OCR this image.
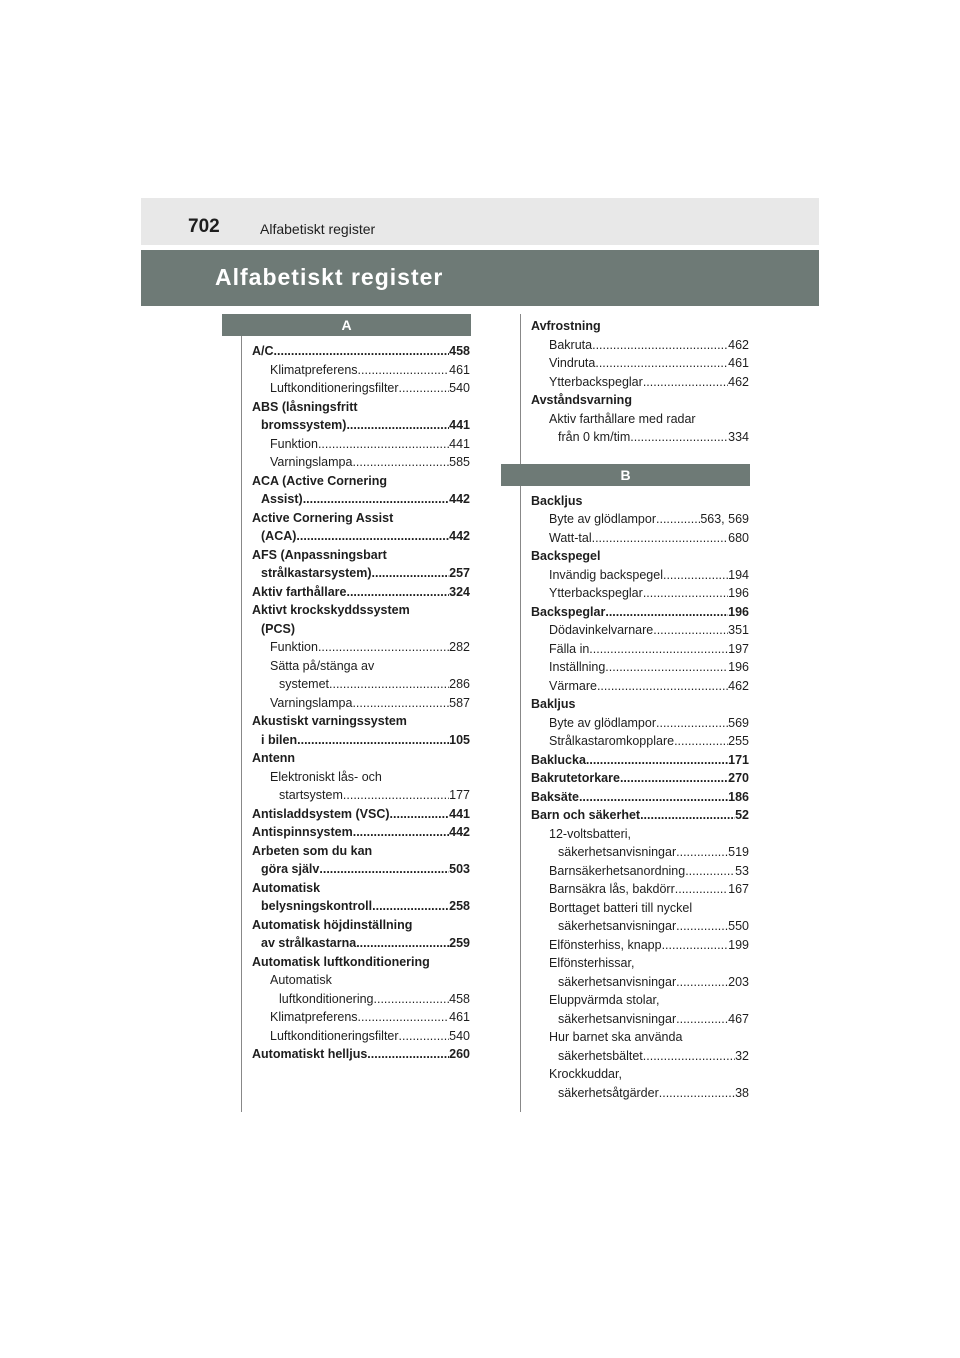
702	Alfabetiskt register
Alfabetiskt register
A
A/C .....	458
Klimatpreferens .....	461
Luftkonditioneringsfilter .....	540
ABS (låsningsfritt
bromssystem) .....	441
Funktion .....	441
Varningslampa .....	585
ACA (Active Cornering
Assist) .....	442
Active Cornering Assist
(ACA) .....	442
AFS (Anpassningsbart
strålkastarsystem) .....	257
Aktiv farthållare .....	324
Aktivt krockskyddssystem
(PCS)
Funktion .....	282
Sätta på/stänga av
systemet .....	286
Varningslampa .....	587
Akustiskt varningssystem
i bilen .....	105
Antenn
Elektroniskt lås- och
startsystem .....	177
Antisladdsystem (VSC) .....	441
Antispinnsystem .....	442
Arbeten som du kan
göra själv .....	503
Automatisk
belysningskontroll .....	258
Automatisk höjdinställning
av strålkastarna .....	259
Automatisk luftkonditionering
Automatisk
luftkonditionering .....	458
Klimatpreferens .....	461
Luftkonditioneringsfilter .....	540
Automatiskt helljus .....	260
Avfrostning
Bakruta .....	462
Vindruta .....	461
Ytterbackspeglar .....	462
Avståndsvarning
Aktiv farthållare med radar
från 0 km/tim .....	334
B
Backljus
Byte av glödlampor .....	563, 569
Watt-tal .....	680
Backspegel
Invändig backspegel .....	194
Ytterbackspeglar .....	196
Backspeglar .....	196
Dödavinkelvarnare .....	351
Fälla in .....	197
Inställning .....	196
Värmare .....	462
Bakljus
Byte av glödlampor .....	569
Strålkastaromkopplare .....	255
Baklucka .....	171
Bakrutetorkare .....	270
Baksäte .....	186
Barn och säkerhet .....	52
12-voltsbatteri,
säkerhetsanvisningar .....	519
Barnsäkerhetsanordning .....	53
Barnsäkra lås, bakdörr .....	167
Borttaget batteri till nyckel
säkerhetsanvisningar .....	550
Elfönsterhiss, knapp .....	199
Elfönsterhissar,
säkerhetsanvisningar .....	203
Eluppvärmda stolar,
säkerhetsanvisningar .....	467
Hur barnet ska använda
säkerhetsbältet .....	32
Krockkuddar,
säkerhetsåtgärder .....	38
